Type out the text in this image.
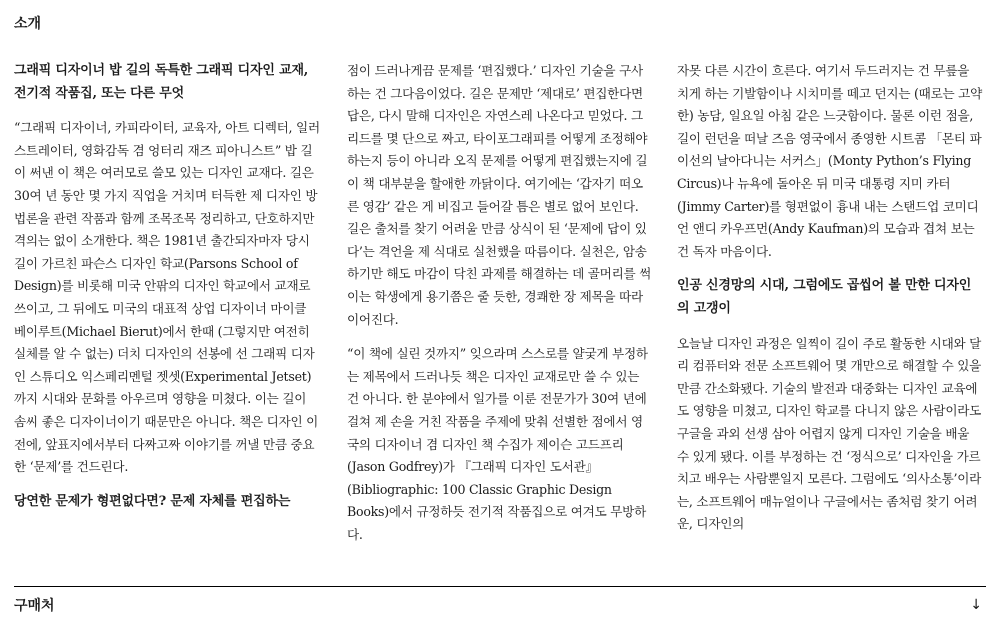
소개
그래픽 디자이너 밥 길의 독특한 그래픽 디자인 교재, 전기적 작품집, 또는 다른 무엇

“그래픽 디자이너, 카피라이터, 교육자, 아트 디렉터, 일러스트레이터, 영화감독 겸 엉터리 재즈 피아니스트” 밥 길이 써낸 이 책은 여러모로 쓸모 있는 디자인 교재다. 길은 30여 년 동안 몇 가지 직업을 거치며 터득한 제 디자인 방법론을 관련 작품과 함께 조목조목 정리하고, 단호하지만 격의는 없이 소개한다. 책은 1981년 출간되자마자 당시 길이 가르친 파슨스 디자인 학교(Parsons School of Design)를 비롯해 미국 안팎의 디자인 학교에서 교재로 쓰이고, 그 뒤에도 미국의 대표적 상업 디자이너 마이클 베이루트(Michael Bierut)에서 한때 (그렇지만 여전히 실체를 알 수 없는) 더치 디자인의 선봉에 선 그래픽 디자인 스튜디오 익스페리멘털 젯셋(Experimental Jetset)까지 시대와 문화를 아우르며 영향을 미쳤다. 이는 길이 솜씨 좋은 디자이너이기 때문만은 아니다. 책은 디자인 이전에, 앞표지에서부터 다짜고짜 이야기를 꺼낼 만큼 중요한 ‘문제’를 건드린다.

당연한 문제가 형편없다면? 문제 자체를 편집하는

점이 드러나게끔 문제를 ‘편집했다.’ 디자인 기술을 구사하는 건 그다음이었다. 길은 문제만 ‘제대로’ 편집한다면 답은, 다시 말해 디자인은 자연스레 나온다고 믿었다. 그리드를 몇 단으로 짜고, 타이포그래피를 어떻게 조정해야 하는지 등이 아니라 오직 문제를 어떻게 편집했는지에 길이 책 대부분을 할애한 까닭이다. 여기에는 ‘갑자기 떠오른 영감’ 같은 게 비집고 들어갈 틈은 별로 없어 보인다. 길은 출처를 찾기 어려울 만큼 상식이 된 ‘문제에 답이 있다’는 격언을 제 식대로 실천했을 따름이다. 실천은, 암송하기만 해도 마감이 닥친 과제를 해결하는 데 골머리를 썩이는 학생에게 용기쯤은 줄 듯한, 경쾌한 장 제목을 따라 이어진다.

“이 책에 실린 것까지” 잊으라며 스스로를 얄궂게 부정하는 제목에서 드러나듯 책은 디자인 교재로만 쓸 수 있는 건 아니다. 한 분야에서 일가를 이룬 전문가가 30여 년에 걸쳐 제 손을 거친 작품을 주제에 맞춰 선별한 점에서 영국의 디자이너 겸 디자인 책 수집가 제이슨 고드프리(Jason Godfrey)가 『그래픽 디자인 도서관』(Bibliographic: 100 Classic Graphic Design Books)에서 규정하듯 전기적 작품집으로 여겨도 무방하다.

자못 다른 시간이 흐른다. 여기서 두드러지는 건 무릎을 치게 하는 기발함이나 시치미를 떼고 던지는 (때로는 고약한) 농담, 일요일 아침 같은 느긋함이다. 물론 이런 점을, 길이 런던을 떠날 즈음 영국에서 종영한 시트콤 「몬티 파이선의 날아다니는 서커스」(Monty Python’s Flying Circus)나 뉴욕에 돌아온 뒤 미국 대통령 지미 카터(Jimmy Carter)를 형편없이 흉내 내는 스탠드업 코미디언 앤디 카우프먼(Andy Kaufman)의 모습과 겹쳐 보는 건 독자 마음이다.

인공 신경망의 시대, 그럼에도 곱씹어 볼 만한 디자인의 고갱이

오늘날 디자인 과정은 일찍이 길이 주로 활동한 시대와 달리 컴퓨터와 전문 소프트웨어 몇 개만으로 해결할 수 있을 만큼 간소화됐다. 기술의 발전과 대중화는 디자인 교육에도 영향을 미쳤고, 디자인 학교를 다니지 않은 사람이라도 구글을 과외 선생 삼아 어렵지 않게 디자인 기술을 배울 수 있게 됐다. 이를 부정하는 건 ‘정식으로’ 디자인을 가르치고 배우는 사람뿐일지 모른다. 그럼에도 ‘의사소통’이라는, 소프트웨어 매뉴얼이나 구글에서는 좀처럼 찾기 어려운, 디자인의

구매처	↓
